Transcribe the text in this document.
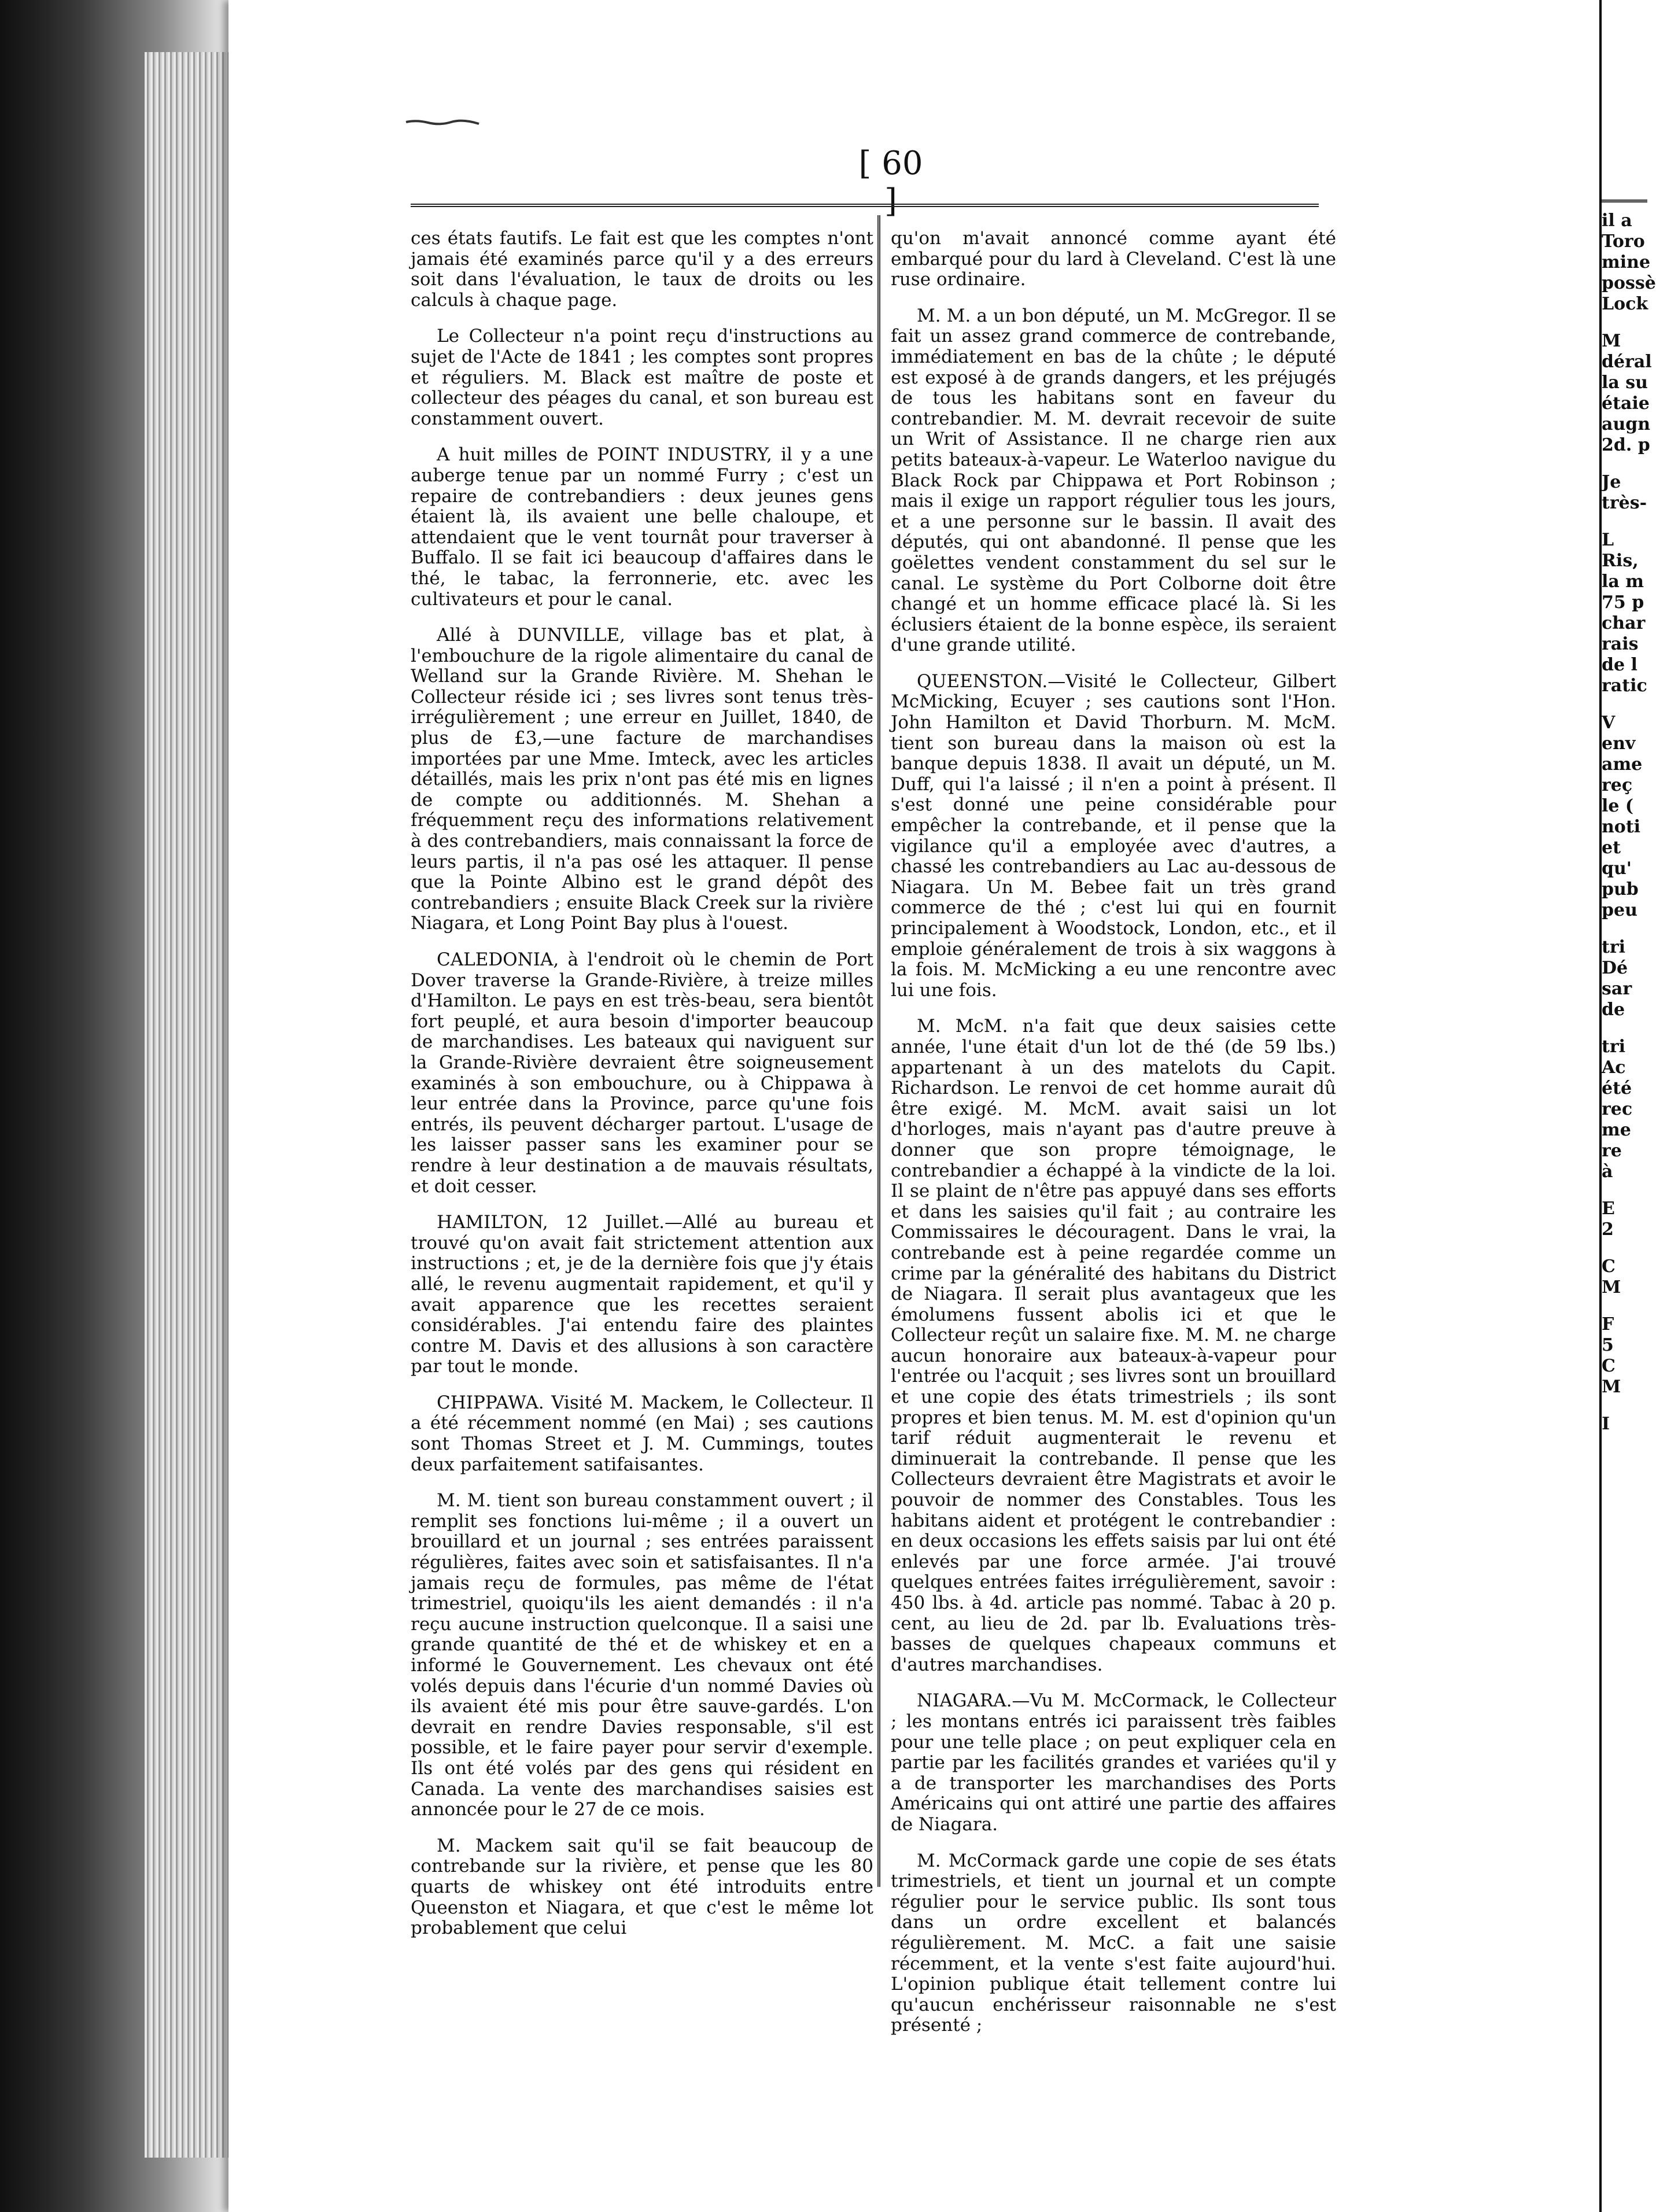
[ 60 ]

ces états fautifs. Le fait est que les comptes n'ont jamais été examinés parce qu'il y a des erreurs soit dans l'évaluation, le taux de droits ou les calculs à chaque page.

Le Collecteur n'a point reçu d'instructions au sujet de l'Acte de 1841 ; les comptes sont propres et réguliers. M. Black est maître de poste et collecteur des péages du canal, et son bureau est constamment ouvert.

A huit milles de POINT INDUSTRY, il y a une auberge tenue par un nommé Furry ; c'est un repaire de contrebandiers : deux jeunes gens étaient là, ils avaient une belle chaloupe, et attendaient que le vent tournât pour traverser à Buffalo. Il se fait ici beaucoup d'affaires dans le thé, le tabac, la ferronnerie, etc. avec les cultivateurs et pour le canal.

Allé à DUNVILLE, village bas et plat, à l'embouchure de la rigole alimentaire du canal de Welland sur la Grande Rivière. M. Shehan le Collecteur réside ici ; ses livres sont tenus très-irrégulièrement ; une erreur en Juillet, 1840, de plus de £3,—une facture de marchandises importées par une Mme. Imteck, avec les articles détaillés, mais les prix n'ont pas été mis en lignes de compte ou additionnés. M. Shehan a fréquemment reçu des informations relativement à des contrebandiers, mais connaissant la force de leurs partis, il n'a pas osé les attaquer. Il pense que la Pointe Albino est le grand dépôt des contrebandiers ; ensuite Black Creek sur la rivière Niagara, et Long Point Bay plus à l'ouest.

CALEDONIA, à l'endroit où le chemin de Port Dover traverse la Grande-Rivière, à treize milles d'Hamilton. Le pays en est très-beau, sera bientôt fort peuplé, et aura besoin d'importer beaucoup de marchandises. Les bateaux qui naviguent sur la Grande-Rivière devraient être soigneusement examinés à son embouchure, ou à Chippawa à leur entrée dans la Province, parce qu'une fois entrés, ils peuvent décharger partout. L'usage de les laisser passer sans les examiner pour se rendre à leur destination a de mauvais résultats, et doit cesser.

HAMILTON, 12 Juillet.—Allé au bureau et trouvé qu'on avait fait strictement attention aux instructions ; et, je de la dernière fois que j'y étais allé, le revenu augmentait rapidement, et qu'il y avait apparence que les recettes seraient considérables. J'ai entendu faire des plaintes contre M. Davis et des allusions à son caractère par tout le monde.

CHIPPAWA. Visité M. Mackem, le Collecteur. Il a été récemment nommé (en Mai) ; ses cautions sont Thomas Street et J. M. Cummings, toutes deux parfaitement satifaisantes.

M. M. tient son bureau constamment ouvert ; il remplit ses fonctions lui-même ; il a ouvert un brouillard et un journal ; ses entrées paraissent régulières, faites avec soin et satisfaisantes. Il n'a jamais reçu de formules, pas même de l'état trimestriel, quoiqu'ils les aient demandés : il n'a reçu aucune instruction quelconque. Il a saisi une grande quantité de thé et de whiskey et en a informé le Gouvernement. Les chevaux ont été volés depuis dans l'écurie d'un nommé Davies où ils avaient été mis pour être sauve-gardés. L'on devrait en rendre Davies responsable, s'il est possible, et le faire payer pour servir d'exemple. Ils ont été volés par des gens qui résident en Canada. La vente des marchandises saisies est annoncée pour le 27 de ce mois.

M. Mackem sait qu'il se fait beaucoup de contrebande sur la rivière, et pense que les 80 quarts de whiskey ont été introduits entre Queenston et Niagara, et que c'est le même lot probablement que celui

qu'on m'avait annoncé comme ayant été embarqué pour du lard à Cleveland. C'est là une ruse ordinaire.

M. M. a un bon député, un M. McGregor. Il se fait un assez grand commerce de contrebande, immédiatement en bas de la chûte ; le député est exposé à de grands dangers, et les préjugés de tous les habitans sont en faveur du contrebandier. M. M. devrait recevoir de suite un Writ of Assistance. Il ne charge rien aux petits bateaux-à-vapeur. Le Waterloo navigue du Black Rock par Chippawa et Port Robinson ; mais il exige un rapport régulier tous les jours, et a une personne sur le bassin. Il avait des députés, qui ont abandonné. Il pense que les goëlettes vendent constamment du sel sur le canal. Le système du Port Colborne doit être changé et un homme efficace placé là. Si les éclusiers étaient de la bonne espèce, ils seraient d'une grande utilité.

QUEENSTON.—Visité le Collecteur, Gilbert McMicking, Ecuyer ; ses cautions sont l'Hon. John Hamilton et David Thorburn. M. McM. tient son bureau dans la maison où est la banque depuis 1838. Il avait un député, un M. Duff, qui l'a laissé ; il n'en a point à présent. Il s'est donné une peine considérable pour empêcher la contrebande, et il pense que la vigilance qu'il a employée avec d'autres, a chassé les contrebandiers au Lac au-dessous de Niagara. Un M. Bebee fait un très grand commerce de thé ; c'est lui qui en fournit principalement à Woodstock, London, etc., et il emploie généralement de trois à six waggons à la fois. M. McMicking a eu une rencontre avec lui une fois.

M. McM. n'a fait que deux saisies cette année, l'une était d'un lot de thé (de 59 lbs.) appartenant à un des matelots du Capit. Richardson. Le renvoi de cet homme aurait dû être exigé. M. McM. avait saisi un lot d'horloges, mais n'ayant pas d'autre preuve à donner que son propre témoignage, le contrebandier a échappé à la vindicte de la loi. Il se plaint de n'être pas appuyé dans ses efforts et dans les saisies qu'il fait ; au contraire les Commissaires le découragent. Dans le vrai, la contrebande est à peine regardée comme un crime par la généralité des habitans du District de Niagara. Il serait plus avantageux que les émolumens fussent abolis ici et que le Collecteur reçût un salaire fixe. M. M. ne charge aucun honoraire aux bateaux-à-vapeur pour l'entrée ou l'acquit ; ses livres sont un brouillard et une copie des états trimestriels ; ils sont propres et bien tenus. M. M. est d'opinion qu'un tarif réduit augmenterait le revenu et diminuerait la contrebande. Il pense que les Collecteurs devraient être Magistrats et avoir le pouvoir de nommer des Constables. Tous les habitans aident et protégent le contrebandier : en deux occasions les effets saisis par lui ont été enlevés par une force armée. J'ai trouvé quelques entrées faites irrégulièrement, savoir : 450 lbs. à 4d. article pas nommé. Tabac à 20 p. cent, au lieu de 2d. par lb. Evaluations très-basses de quelques chapeaux communs et d'autres marchandises.

NIAGARA.—Vu M. McCormack, le Collecteur ; les montans entrés ici paraissent très faibles pour une telle place ; on peut expliquer cela en partie par les facilités grandes et variées qu'il y a de transporter les marchandises des Ports Américains qui ont attiré une partie des affaires de Niagara.

M. McCormack garde une copie de ses états trimestriels, et tient un journal et un compte régulier pour le service public. Ils sont tous dans un ordre excellent et balancés régulièrement. M. McC. a fait une saisie récemment, et la vente s'est faite aujourd'hui. L'opinion publique était tellement contre lui qu'aucun enchérisseur raisonnable ne s'est présenté ;

il a
Toro
mine
possè
Lock
M
déral
la su
étaie
augn
2d. p
Je
très-
L
Ris,
la m
75 p
char
rais
de l
ratic
V
env
ame
reç
le (
noti
et
qu'
pub
peu
tri
Dé
sar
de
tri
Ac
été
rec
me
re
à
E
2
C
M
F
5
C
M
I
